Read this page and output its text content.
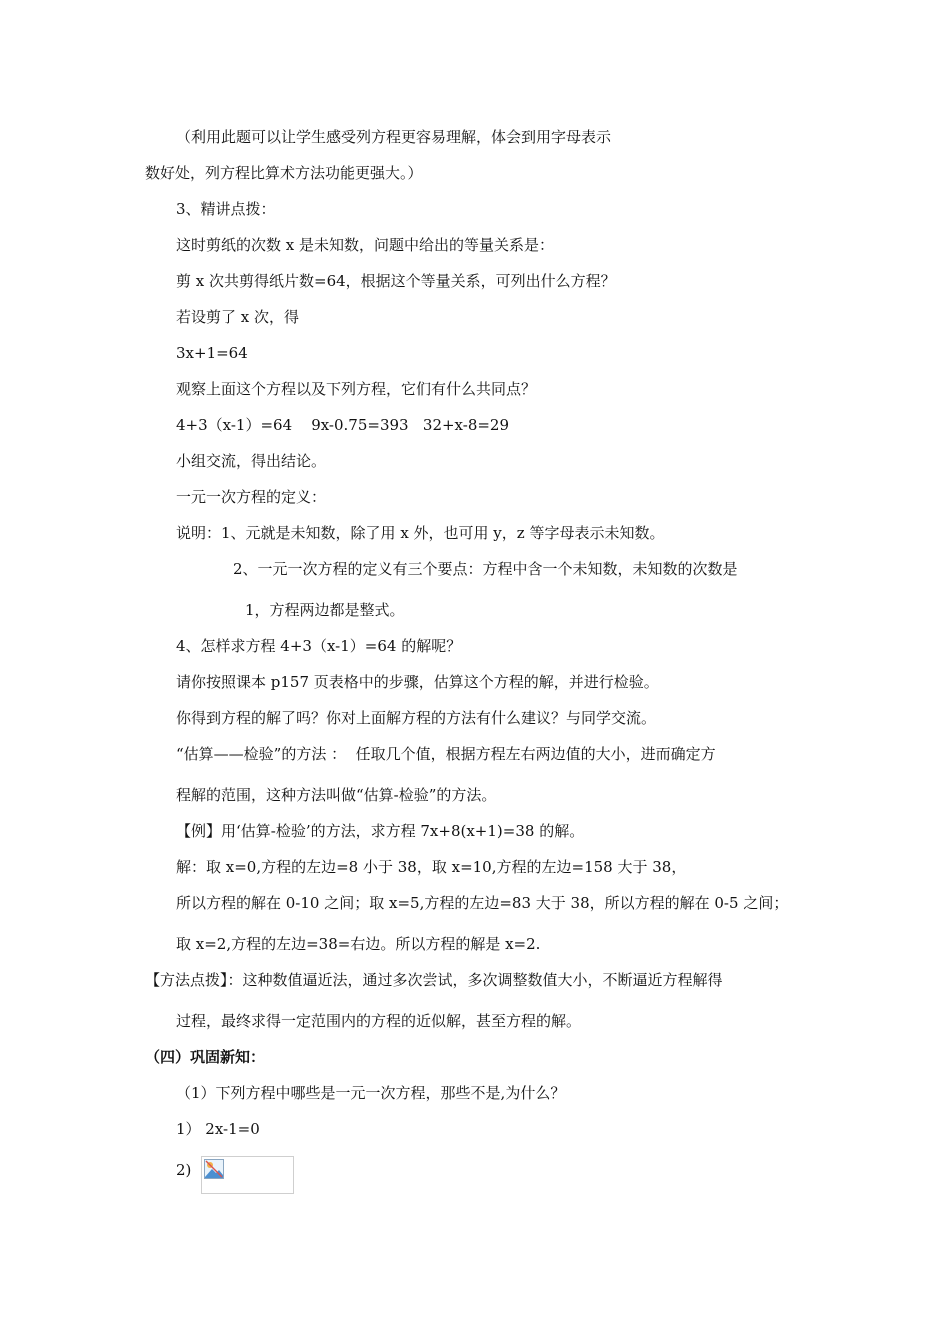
（利用此题可以让学生感受列方程更容易理解，体会到用字母表示
数好处，列方程比算术方法功能更强大。）
3、精讲点拨：
这时剪纸的次数 x 是未知数，问题中给出的等量关系是：
剪 x 次共剪得纸片数=64，根据这个等量关系，可列出什么方程？
若设剪了 x 次，得
3x+1=64
观察上面这个方程以及下列方程，它们有什么共同点？
4+3（x-1）=64    9x-0.75=393   32+x-8=29
小组交流，得出结论。
一元一次方程的定义：
说明：1、元就是未知数，除了用 x 外，也可用 y，z 等字母表示未知数。
2、一元一次方程的定义有三个要点：方程中含一个未知数，未知数的次数是
1，方程两边都是整式。
4、怎样求方程 4+3（x-1）=64 的解呢？
请你按照课本 p157 页表格中的步骤，估算这个方程的解，并进行检验。
你得到方程的解了吗？你对上面解方程的方法有什么建议？与同学交流。
“估算——检验”的方法 ：  任取几个值，根据方程左右两边值的大小，进而确定方
程解的范围，这种方法叫做“估算-检验”的方法。
【例】用‘估算-检验’的方法，求方程 7x+8(x+1)=38 的解。
解：取 x=0,方程的左边=8 小于 38，取 x=10,方程的左边=158 大于 38，
所以方程的解在 0-10 之间；取 x=5,方程的左边=83 大于 38，所以方程的解在 0-5 之间；
取 x=2,方程的左边=38=右边。所以方程的解是 x=2.
【方法点拨】：这种数值逼近法，通过多次尝试，多次调整数值大小，不断逼近方程解得
过程，最终求得一定范围内的方程的近似解，甚至方程的解。
（四）巩固新知：
（1）下列方程中哪些是一元一次方程，那些不是,为什么？
1） 2x-1=0
2)
